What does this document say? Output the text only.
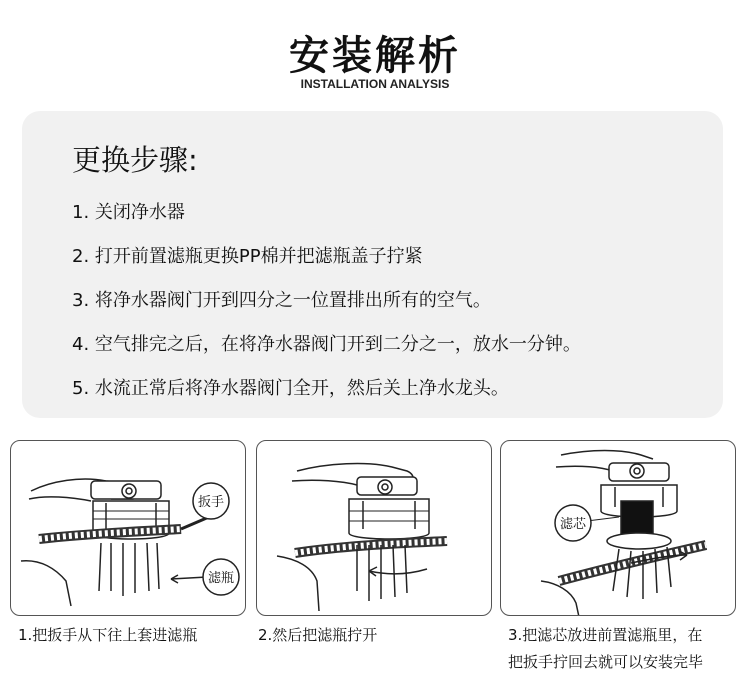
安装解析
INSTALLATION ANALYSIS
更换步骤:
1. 关闭净水器
2. 打开前置滤瓶更换PP棉并把滤瓶盖子拧紧
3. 将净水器阀门开到四分之一位置排出所有的空气。
4. 空气排完之后，在将净水器阀门开到二分之一，放水一分钟。
5. 水流正常后将净水器阀门全开，然后关上净水龙头。
扳手
滤瓶
滤芯
1.把扳手从下往上套进滤瓶	2.然后把滤瓶拧开	3.把滤芯放进前置滤瓶里，在
把扳手拧回去就可以安装完毕
